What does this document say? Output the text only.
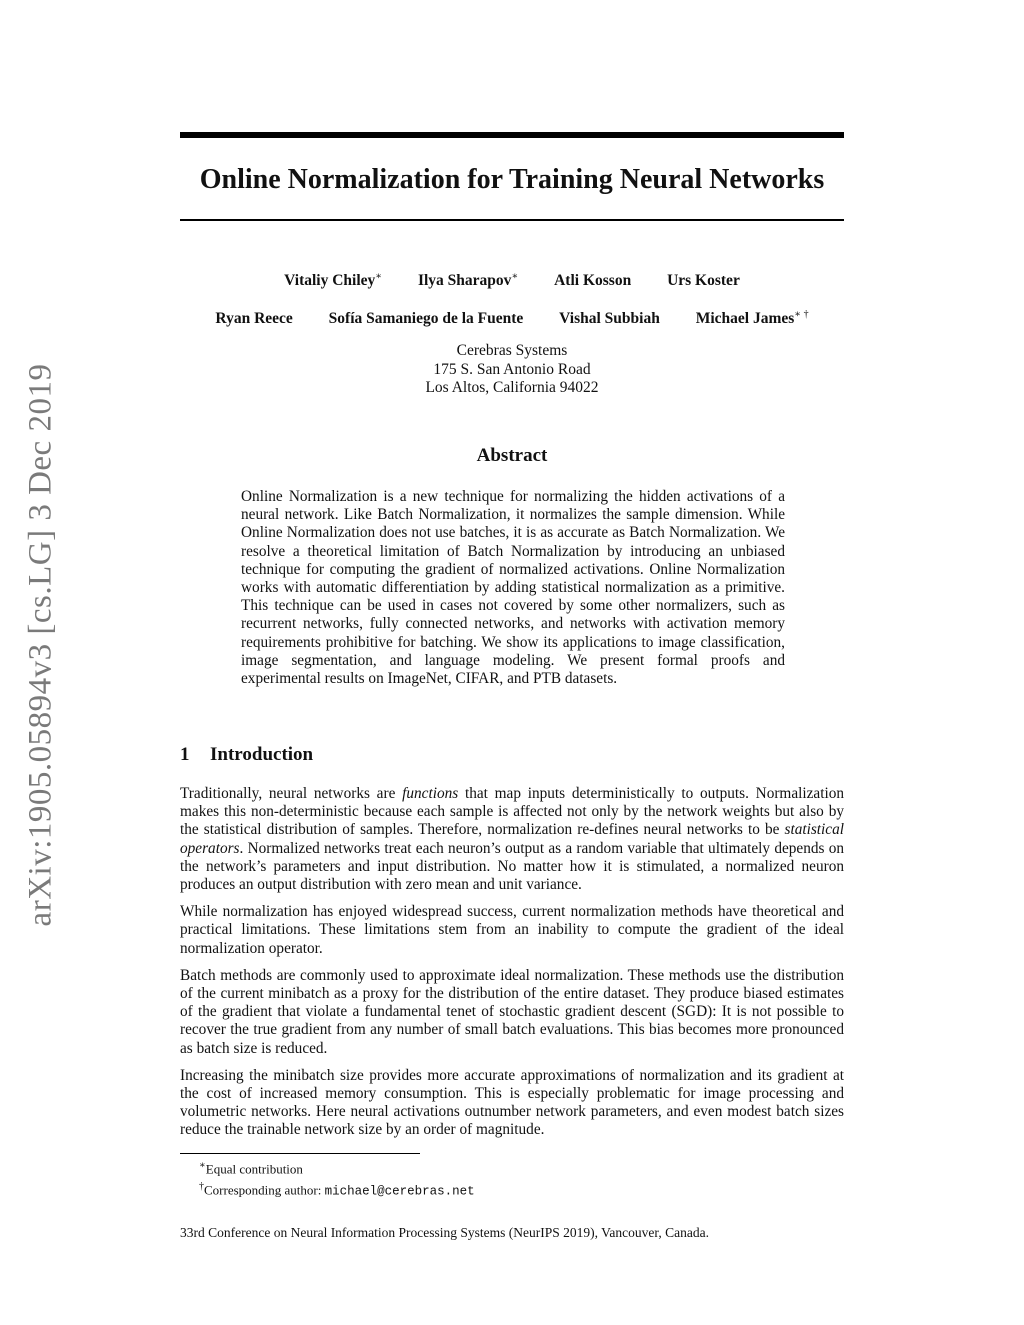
arXiv:1905.05894v3 [cs.LG] 3 Dec 2019
Online Normalization for Training Neural Networks
Vitaliy Chiley∗ Ilya Sharapov∗ Atli Kosson Urs Koster
Ryan Reece Sofía Samaniego de la Fuente Vishal Subbiah Michael James∗ †
Cerebras Systems
175 S. San Antonio Road
Los Altos, California 94022
Abstract

Online Normalization is a new technique for normalizing the hidden activations of a neural network. Like Batch Normalization, it normalizes the sample dimension. While Online Normalization does not use batches, it is as accurate as Batch Normalization. We resolve a theoretical limitation of Batch Normalization by introducing an unbiased technique for computing the gradient of normalized activations. Online Normalization works with automatic differentiation by adding statistical normalization as a primitive. This technique can be used in cases not covered by some other normalizers, such as recurrent networks, fully connected networks, and networks with activation memory requirements prohibitive for batching. We show its applications to image classification, image segmentation, and language modeling. We present formal proofs and experimental results on ImageNet, CIFAR, and PTB datasets.

1 Introduction

Traditionally, neural networks are functions that map inputs deterministically to outputs. Normalization makes this non-deterministic because each sample is affected not only by the network weights but also by the statistical distribution of samples. Therefore, normalization re-defines neural networks to be statistical operators. Normalized networks treat each neuron’s output as a random variable that ultimately depends on the network’s parameters and input distribution. No matter how it is stimulated, a normalized neuron produces an output distribution with zero mean and unit variance.

While normalization has enjoyed widespread success, current normalization methods have theoretical and practical limitations. These limitations stem from an inability to compute the gradient of the ideal normalization operator.

Batch methods are commonly used to approximate ideal normalization. These methods use the distribution of the current minibatch as a proxy for the distribution of the entire dataset. They produce biased estimates of the gradient that violate a fundamental tenet of stochastic gradient descent (SGD): It is not possible to recover the true gradient from any number of small batch evaluations. This bias becomes more pronounced as batch size is reduced.

Increasing the minibatch size provides more accurate approximations of normalization and its gradient at the cost of increased memory consumption. This is especially problematic for image processing and volumetric networks. Here neural activations outnumber network parameters, and even modest batch sizes reduce the trainable network size by an order of magnitude.

∗Equal contribution
†Corresponding author: michael@cerebras.net
33rd Conference on Neural Information Processing Systems (NeurIPS 2019), Vancouver, Canada.
